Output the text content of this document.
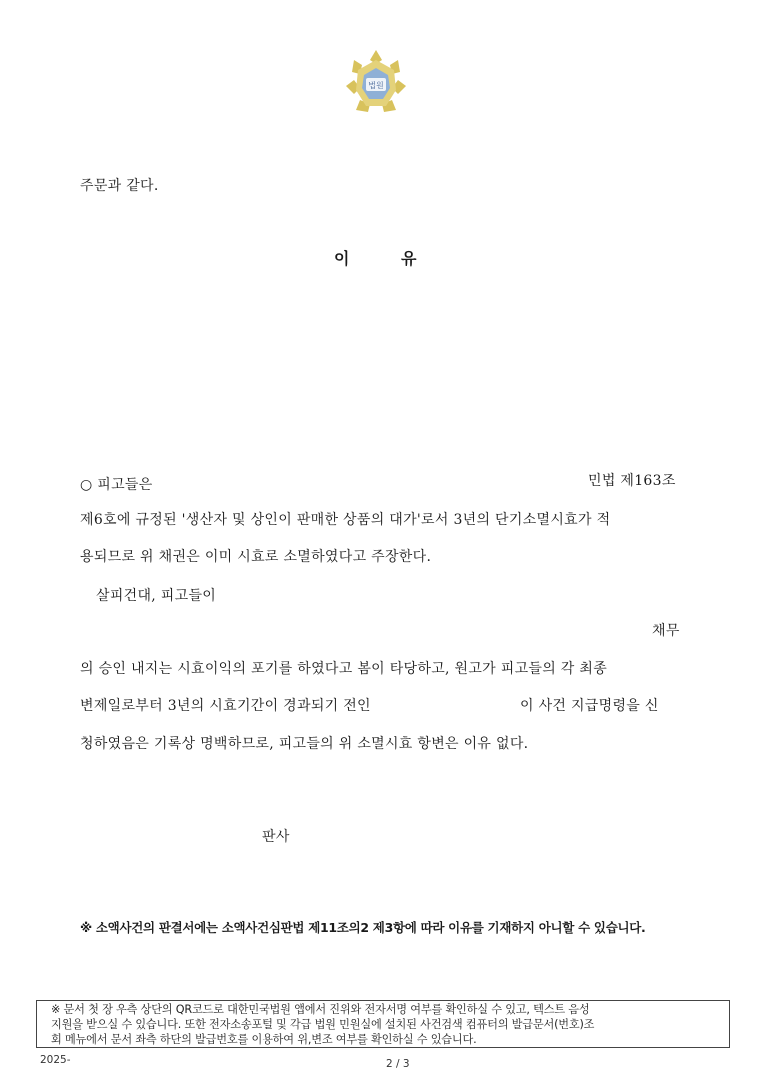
법원
주문과 같다.
이	유
○ 피고들은	민법 제163조
제6호에 규정된 '생산자 및 상인이 판매한 상품의 대가'로서 3년의 단기소멸시효가 적
용되므로 위 채권은 이미 시효로 소멸하였다고 주장한다.
살피건대, 피고들이
채무
의 승인 내지는 시효이익의 포기를 하였다고 봄이 타당하고, 원고가 피고들의 각 최종
변제일로부터 3년의 시효기간이 경과되기 전인	이 사건 지급명령을 신
청하였음은 기록상 명백하므로, 피고들의 위 소멸시효 항변은 이유 없다.
판사
※ 소액사건의 판결서에는 소액사건심판법 제11조의2 제3항에 따라 이유를 기재하지 아니할 수 있습니다.
※ 문서 첫 장 우측 상단의 QR코드로 대한민국법원 앱에서 진위와 전자서명 여부를 확인하실 수 있고, 텍스트 음성
지원을 받으실 수 있습니다. 또한 전자소송포털 및 각급 법원 민원실에 설치된 사건검색 컴퓨터의 발급문서(번호)조
회 메뉴에서 문서 좌측 하단의 발급번호를 이용하여 위,변조 여부를 확인하실 수 있습니다.
2025-	2 / 3
